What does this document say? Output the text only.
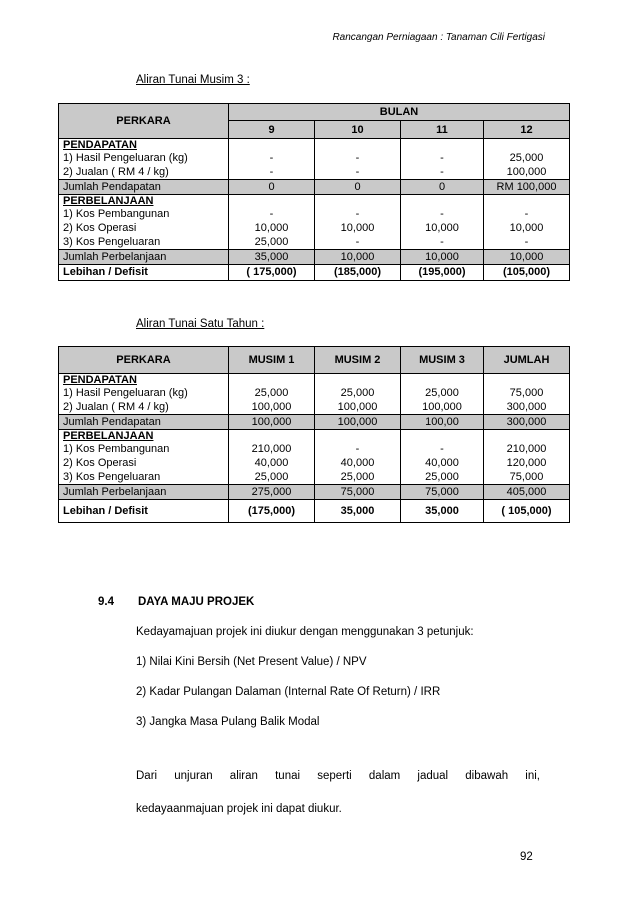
Rancangan Perniagaan : Tanaman Cili Fertigasi
Aliran Tunai Musim 3 :
PERKARA	BULAN			
	9	10	11	12
PENDAPATAN				
1) Hasil Pengeluaran (kg)	-	-	-	25,000
2) Jualan ( RM 4 / kg)	-	-	-	100,000
Jumlah Pendapatan	0	0	0	RM 100,000
PERBELANJAAN				
1) Kos Pembangunan	-	-	-	-
2) Kos Operasi	10,000	10,000	10,000	10,000
3) Kos Pengeluaran	25,000	-	-	-
Jumlah Perbelanjaan	35,000	10,000	10,000	10,000
Lebihan / Defisit	( 175,000)	(185,000)	(195,000)	(105,000)
Aliran Tunai Satu Tahun :
PERKARA	MUSIM 1	MUSIM 2	MUSIM 3	JUMLAH
PENDAPATAN				
1) Hasil Pengeluaran (kg)	25,000	25,000	25,000	75,000
2) Jualan ( RM 4 / kg)	100,000	100,000	100,000	300,000
Jumlah Pendapatan	100,000	100,000	100,00	300,000
PERBELANJAAN				
1) Kos Pembangunan	210,000	-	-	210,000
2) Kos Operasi	40,000	40,000	40,000	120,000
3) Kos Pengeluaran	25,000	25,000	25,000	75,000
Jumlah Perbelanjaan	275,000	75,000	75,000	405,000
Lebihan / Defisit	(175,000)	35,000	35,000	( 105,000)
9.4 DAYA MAJU PROJEK
Kedayamajuan projek ini diukur dengan menggunakan 3 petunjuk:
1) Nilai Kini Bersih (Net Present Value) / NPV
2) Kadar Pulangan Dalaman (Internal Rate Of Return) / IRR
3) Jangka Masa Pulang Balik Modal
Dari unjuran aliran tunai seperti dalam jadual dibawah ini,
kedayaanmajuan projek ini dapat diukur.
92
